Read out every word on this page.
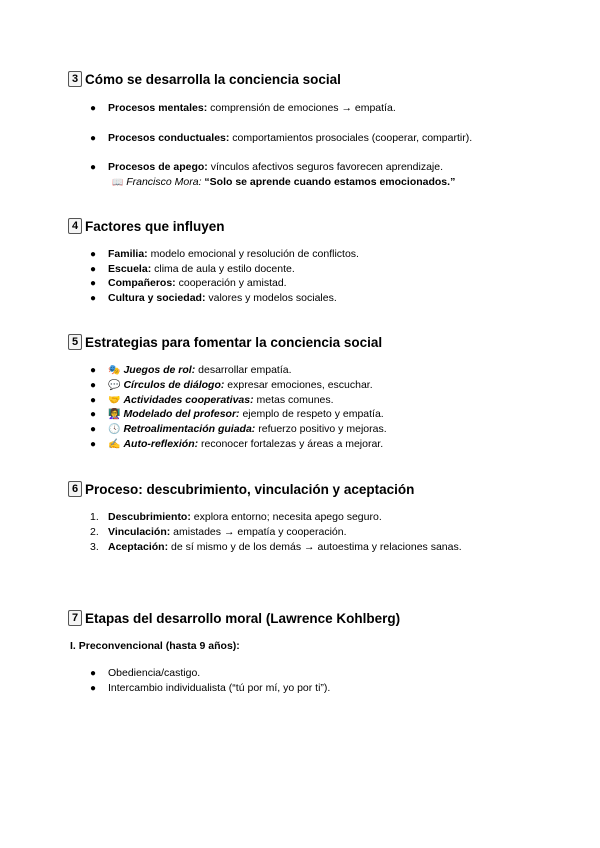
3 Cómo se desarrolla la conciencia social
● Procesos mentales: comprensión de emociones → empatía.
● Procesos conductuales: comportamientos prosociales (cooperar, compartir).
● Procesos de apego: vínculos afectivos seguros favorecen aprendizaje.
📖 Francisco Mora: “Solo se aprende cuando estamos emocionados.”
4 Factores que influyen
● Familia: modelo emocional y resolución de conflictos.
● Escuela: clima de aula y estilo docente.
● Compañeros: cooperación y amistad.
● Cultura y sociedad: valores y modelos sociales.
5 Estrategias para fomentar la conciencia social
● 🎭 Juegos de rol: desarrollar empatía.
● 💬 Círculos de diálogo: expresar emociones, escuchar.
● 🤝 Actividades cooperativas: metas comunes.
● 👩‍🏫 Modelado del profesor: ejemplo de respeto y empatía.
● 🕓 Retroalimentación guiada: refuerzo positivo y mejoras.
● ✍️ Auto-reflexión: reconocer fortalezas y áreas a mejorar.
6 Proceso: descubrimiento, vinculación y aceptación
1. Descubrimiento: explora entorno; necesita apego seguro.
2. Vinculación: amistades → empatía y cooperación.
3. Aceptación: de sí mismo y de los demás → autoestima y relaciones sanas.
7 Etapas del desarrollo moral (Lawrence Kohlberg)
I. Preconvencional (hasta 9 años):
● Obediencia/castigo.
● Intercambio individualista (“tú por mí, yo por ti”).
